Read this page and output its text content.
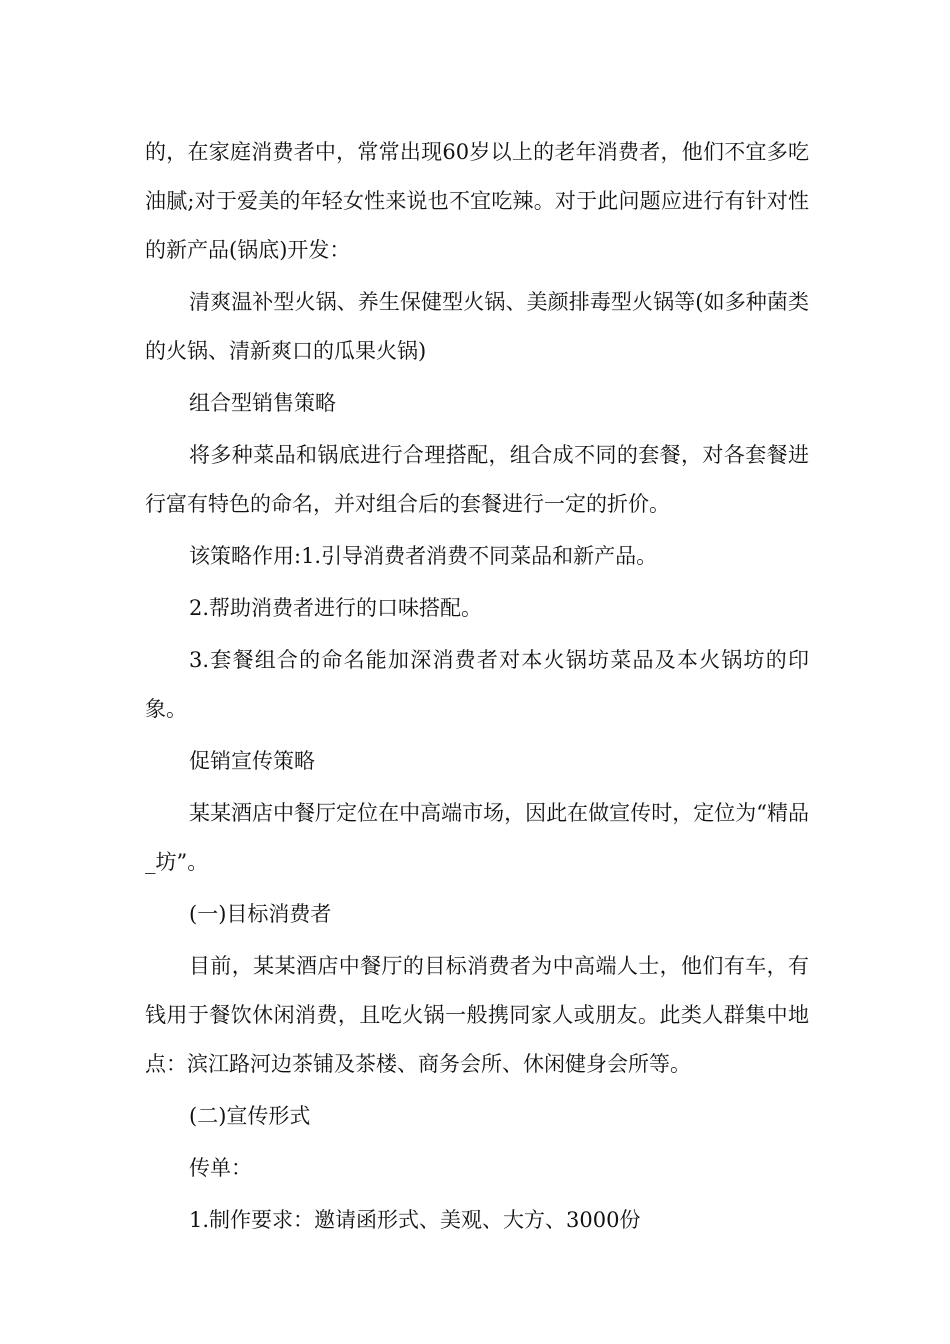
的，在家庭消费者中，常常出现60岁以上的老年消费者，他们不宜多吃油腻;对于爱美的年轻女性来说也不宜吃辣。对于此问题应进行有针对性的新产品(锅底)开发：

清爽温补型火锅、养生保健型火锅、美颜排毒型火锅等(如多种菌类的火锅、清新爽口的瓜果火锅)

组合型销售策略

将多种菜品和锅底进行合理搭配，组合成不同的套餐，对各套餐进行富有特色的命名，并对组合后的套餐进行一定的折价。

该策略作用:1.引导消费者消费不同菜品和新产品。

2.帮助消费者进行的口味搭配。

3.套餐组合的命名能加深消费者对本火锅坊菜品及本火锅坊的印象。

促销宣传策略

某某酒店中餐厅定位在中高端市场，因此在做宣传时，定位为“精品_坊”。

(一)目标消费者

目前，某某酒店中餐厅的目标消费者为中高端人士，他们有车，有钱用于餐饮休闲消费，且吃火锅一般携同家人或朋友。此类人群集中地点：滨江路河边茶铺及茶楼、商务会所、休闲健身会所等。

(二)宣传形式

传单：

1.制作要求：邀请函形式、美观、大方、3000份
